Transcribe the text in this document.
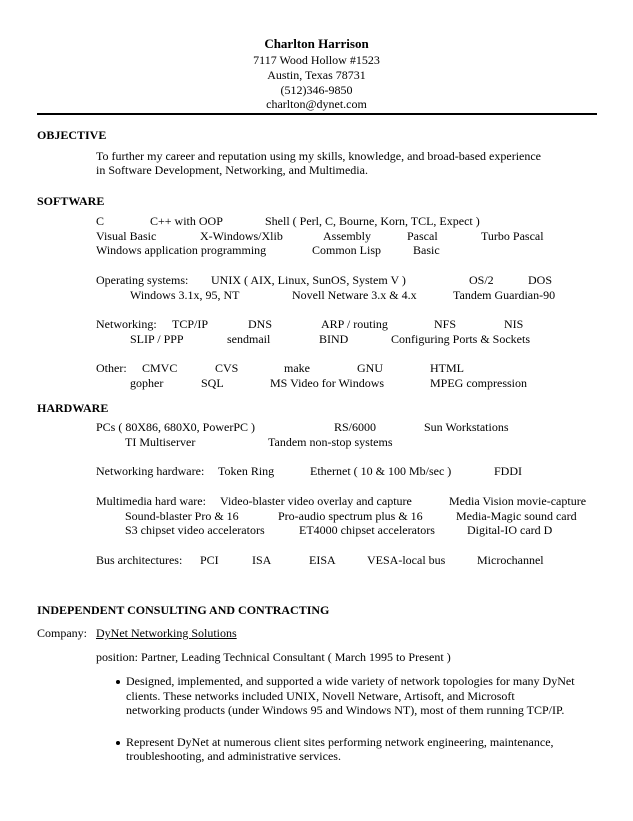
Charlton Harrison
7117 Wood Hollow #1523
Austin, Texas 78731
(512)346-9850
charlton@dynet.com
OBJECTIVE
To further my career and reputation using my skills, knowledge, and broad-based experience
in Software Development, Networking, and Multimedia.
SOFTWARE
C	C++ with OOP	Shell ( Perl, C, Bourne, Korn, TCL, Expect )
Visual Basic	X-Windows/Xlib	Assembly	Pascal	Turbo Pascal
Windows application programming	Common Lisp	Basic
Operating systems: UNIX ( AIX, Linux, SunOS, System V )	OS/2	DOS
Windows 3.1x, 95, NT	Novell Netware 3.x & 4.x	Tandem Guardian-90
Networking: TCP/IP	DNS	ARP / routing	NFS	NIS
SLIP / PPP	sendmail	BIND	Configuring Ports & Sockets
Other: CMVC	CVS	make	GNU	HTML
gopher	SQL	MS Video for Windows	MPEG compression
HARDWARE
PCs ( 80X86, 680X0, PowerPC )	RS/6000	Sun Workstations
TI Multiserver	Tandem non-stop systems
Networking hardware: Token Ring	Ethernet ( 10 & 100 Mb/sec )	FDDI
Multimedia hard ware: Video-blaster video overlay and capture	Media Vision movie-capture
Sound-blaster Pro & 16	Pro-audio spectrum plus & 16	Media-Magic sound card
S3 chipset video accelerators	ET4000 chipset accelerators	Digital-IO card D
Bus architectures: PCI	ISA	EISA	VESA-local bus	Microchannel
INDEPENDENT CONSULTING AND CONTRACTING
Company: DyNet Networking Solutions
position: Partner, Leading Technical Consultant ( March 1995 to Present )
Designed, implemented, and supported a wide variety of network topologies for many DyNet
clients. These networks included UNIX, Novell Netware, Artisoft, and Microsoft
networking products (under Windows 95 and Windows NT), most of them running TCP/IP.
Represent DyNet at numerous client sites performing network engineering, maintenance,
troubleshooting, and administrative services.
